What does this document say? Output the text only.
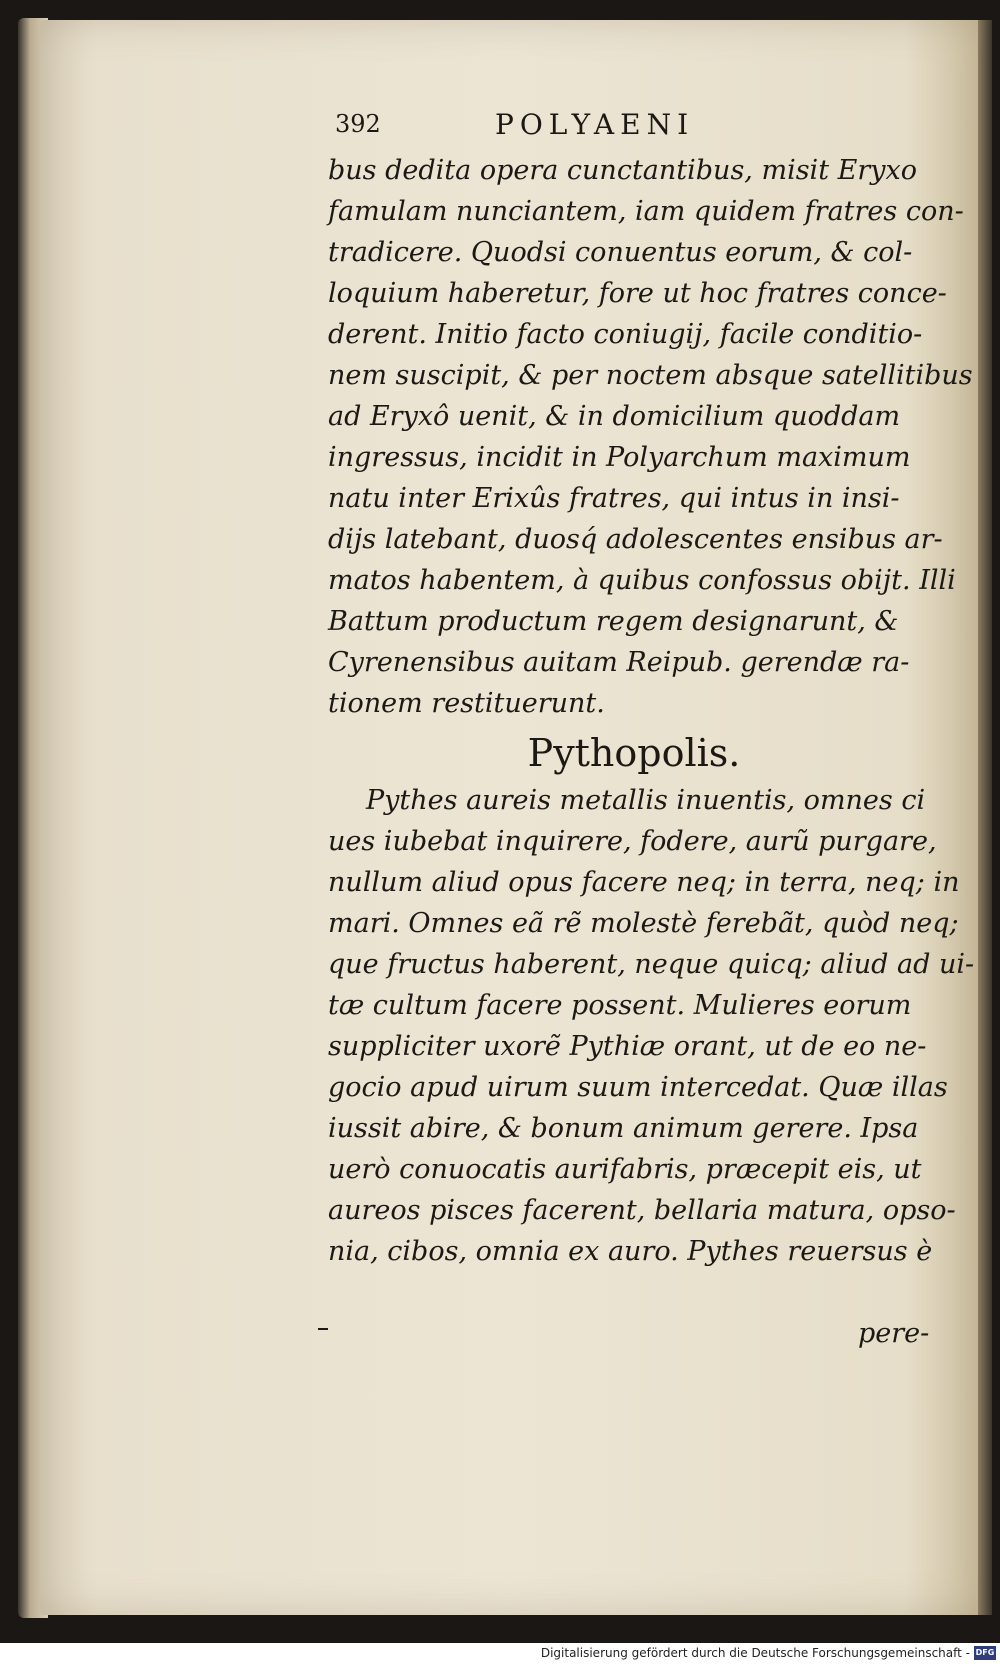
392	POLYAENI
bus dedita opera cunctantibus, misit Eryxo
famulam nunciantem, iam quidem fratres con-
tradicere. Quodsi conuentus eorum, & col-
loquium haberetur, fore ut hoc fratres conce-
derent. Initio facto coniugij, facile conditio-
nem suscipit, & per noctem absque satellitibus
ad Eryxô uenit, & in domicilium quoddam
ingressus, incidit in Polyarchum maximum
natu inter Erixûs fratres, qui intus in insi-
dijs latebant, duosq́ adolescentes ensibus ar-
matos habentem, à quibus confossus obijt. Illi
Battum productum regem designarunt, &
Cyrenensibus auitam Reipub. gerendæ ra-
tionem restituerunt.
Pythopolis.
Pythes aureis metallis inuentis, omnes ci
ues iubebat inquirere, fodere, aurũ purgare,
nullum aliud opus facere neq; in terra, neq; in
mari. Omnes eã rẽ molestè ferebãt, quòd neq;
que fructus haberent, neque quicq; aliud ad ui-
tæ cultum facere possent. Mulieres eorum
suppliciter uxorẽ Pythiæ orant, ut de eo ne-
gocio apud uirum suum intercedat. Quæ illas
iussit abire, & bonum animum gerere. Ipsa
uerò conuocatis aurifabris, præcepit eis, ut
aureos pisces facerent, bellaria matura, opso-
nia, cibos, omnia ex auro. Pythes reuersus è
pere-
Digitalisierung gefördert durch die Deutsche Forschungsgemeinschaft - DFG
